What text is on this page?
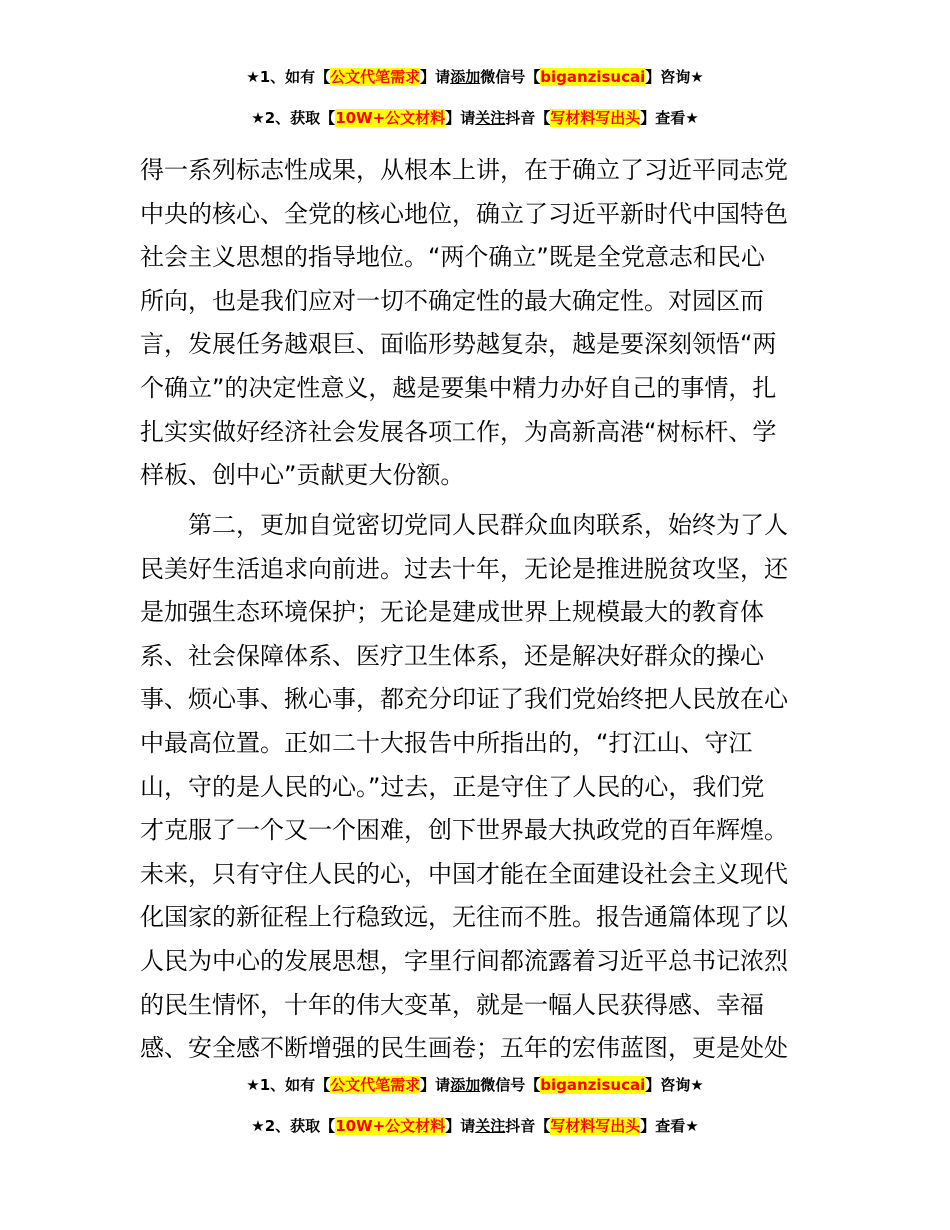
★1、如有【公文代笔需求】请添加微信号【biganzisucai】咨询★
★2、获取【10W+公文材料】请关注抖音【写材料写出头】查看★
得一系列标志性成果，从根本上讲，在于确立了习近平同志党
中央的核心、全党的核心地位，确立了习近平新时代中国特色
社会主义思想的指导地位。“两个确立”既是全党意志和民心
所向，也是我们应对一切不确定性的最大确定性。对园区而
言，发展任务越艰巨、面临形势越复杂，越是要深刻领悟“两
个确立”的决定性意义，越是要集中精力办好自己的事情，扎
扎实实做好经济社会发展各项工作，为高新高港“树标杆、学
样板、创中心”贡献更大份额。
　　第二，更加自觉密切党同人民群众血肉联系，始终为了人
民美好生活追求向前进。过去十年，无论是推进脱贫攻坚，还
是加强生态环境保护；无论是建成世界上规模最大的教育体
系、社会保障体系、医疗卫生体系，还是解决好群众的操心
事、烦心事、揪心事，都充分印证了我们党始终把人民放在心
中最高位置。正如二十大报告中所指出的，“打江山、守江
山，守的是人民的心。”过去，正是守住了人民的心，我们党
才克服了一个又一个困难，创下世界最大执政党的百年辉煌。
未来，只有守住人民的心，中国才能在全面建设社会主义现代
化国家的新征程上行稳致远，无往而不胜。报告通篇体现了以
人民为中心的发展思想，字里行间都流露着习近平总书记浓烈
的民生情怀，十年的伟大变革，就是一幅人民获得感、幸福
感、安全感不断增强的民生画卷；五年的宏伟蓝图，更是处处
★1、如有【公文代笔需求】请添加微信号【biganzisucai】咨询★
★2、获取【10W+公文材料】请关注抖音【写材料写出头】查看★
